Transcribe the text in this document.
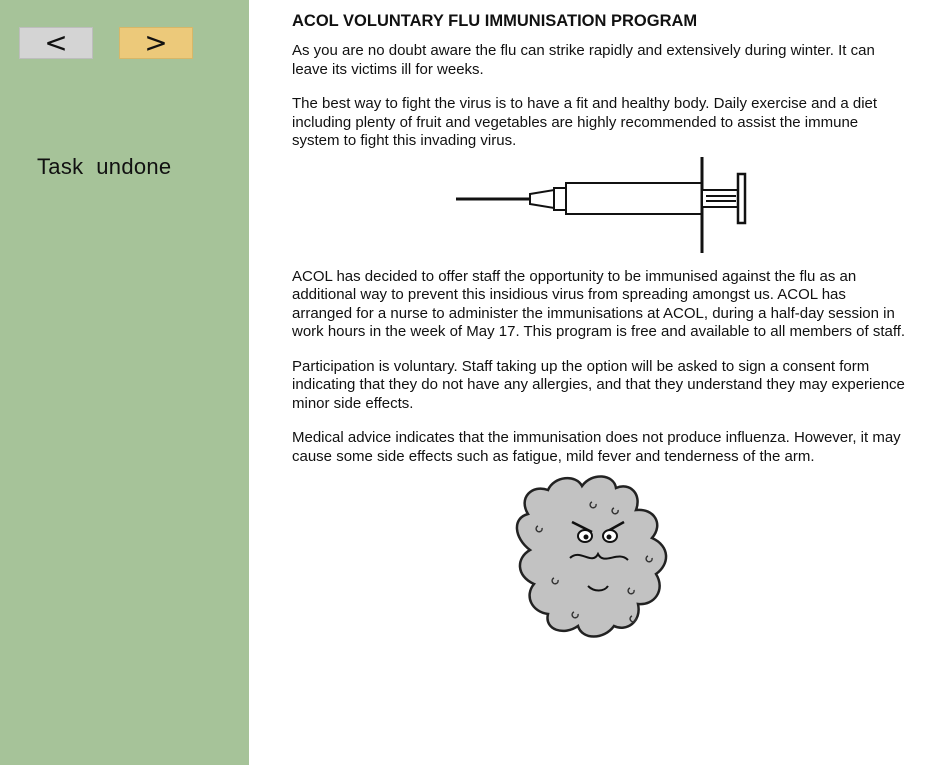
<	>
Task  undone
ACOL VOLUNTARY FLU IMMUNISATION PROGRAM

As you are no doubt aware the flu can strike rapidly and extensively during winter. It can leave its victims ill for weeks.

The best way to fight the virus is to have a fit and healthy body. Daily exercise and a diet including plenty of fruit and vegetables are highly recommended to assist the immune system to fight this invading virus.

ACOL has decided to offer staff the opportunity to be immunised against the flu as an additional way to prevent this insidious virus from spreading amongst us. ACOL has arranged for a nurse to administer the immunisations at ACOL, during a half-day session in work hours in the week of May 17. This program is free and available to all members of staff.

Participation is voluntary. Staff taking up the option will be asked to sign a consent form indicating that they do not have any allergies, and that they understand they may experience minor side effects.

Medical advice indicates that the immunisation does not produce influenza. However, it may cause some side effects such as fatigue, mild fever and tenderness of the arm.
